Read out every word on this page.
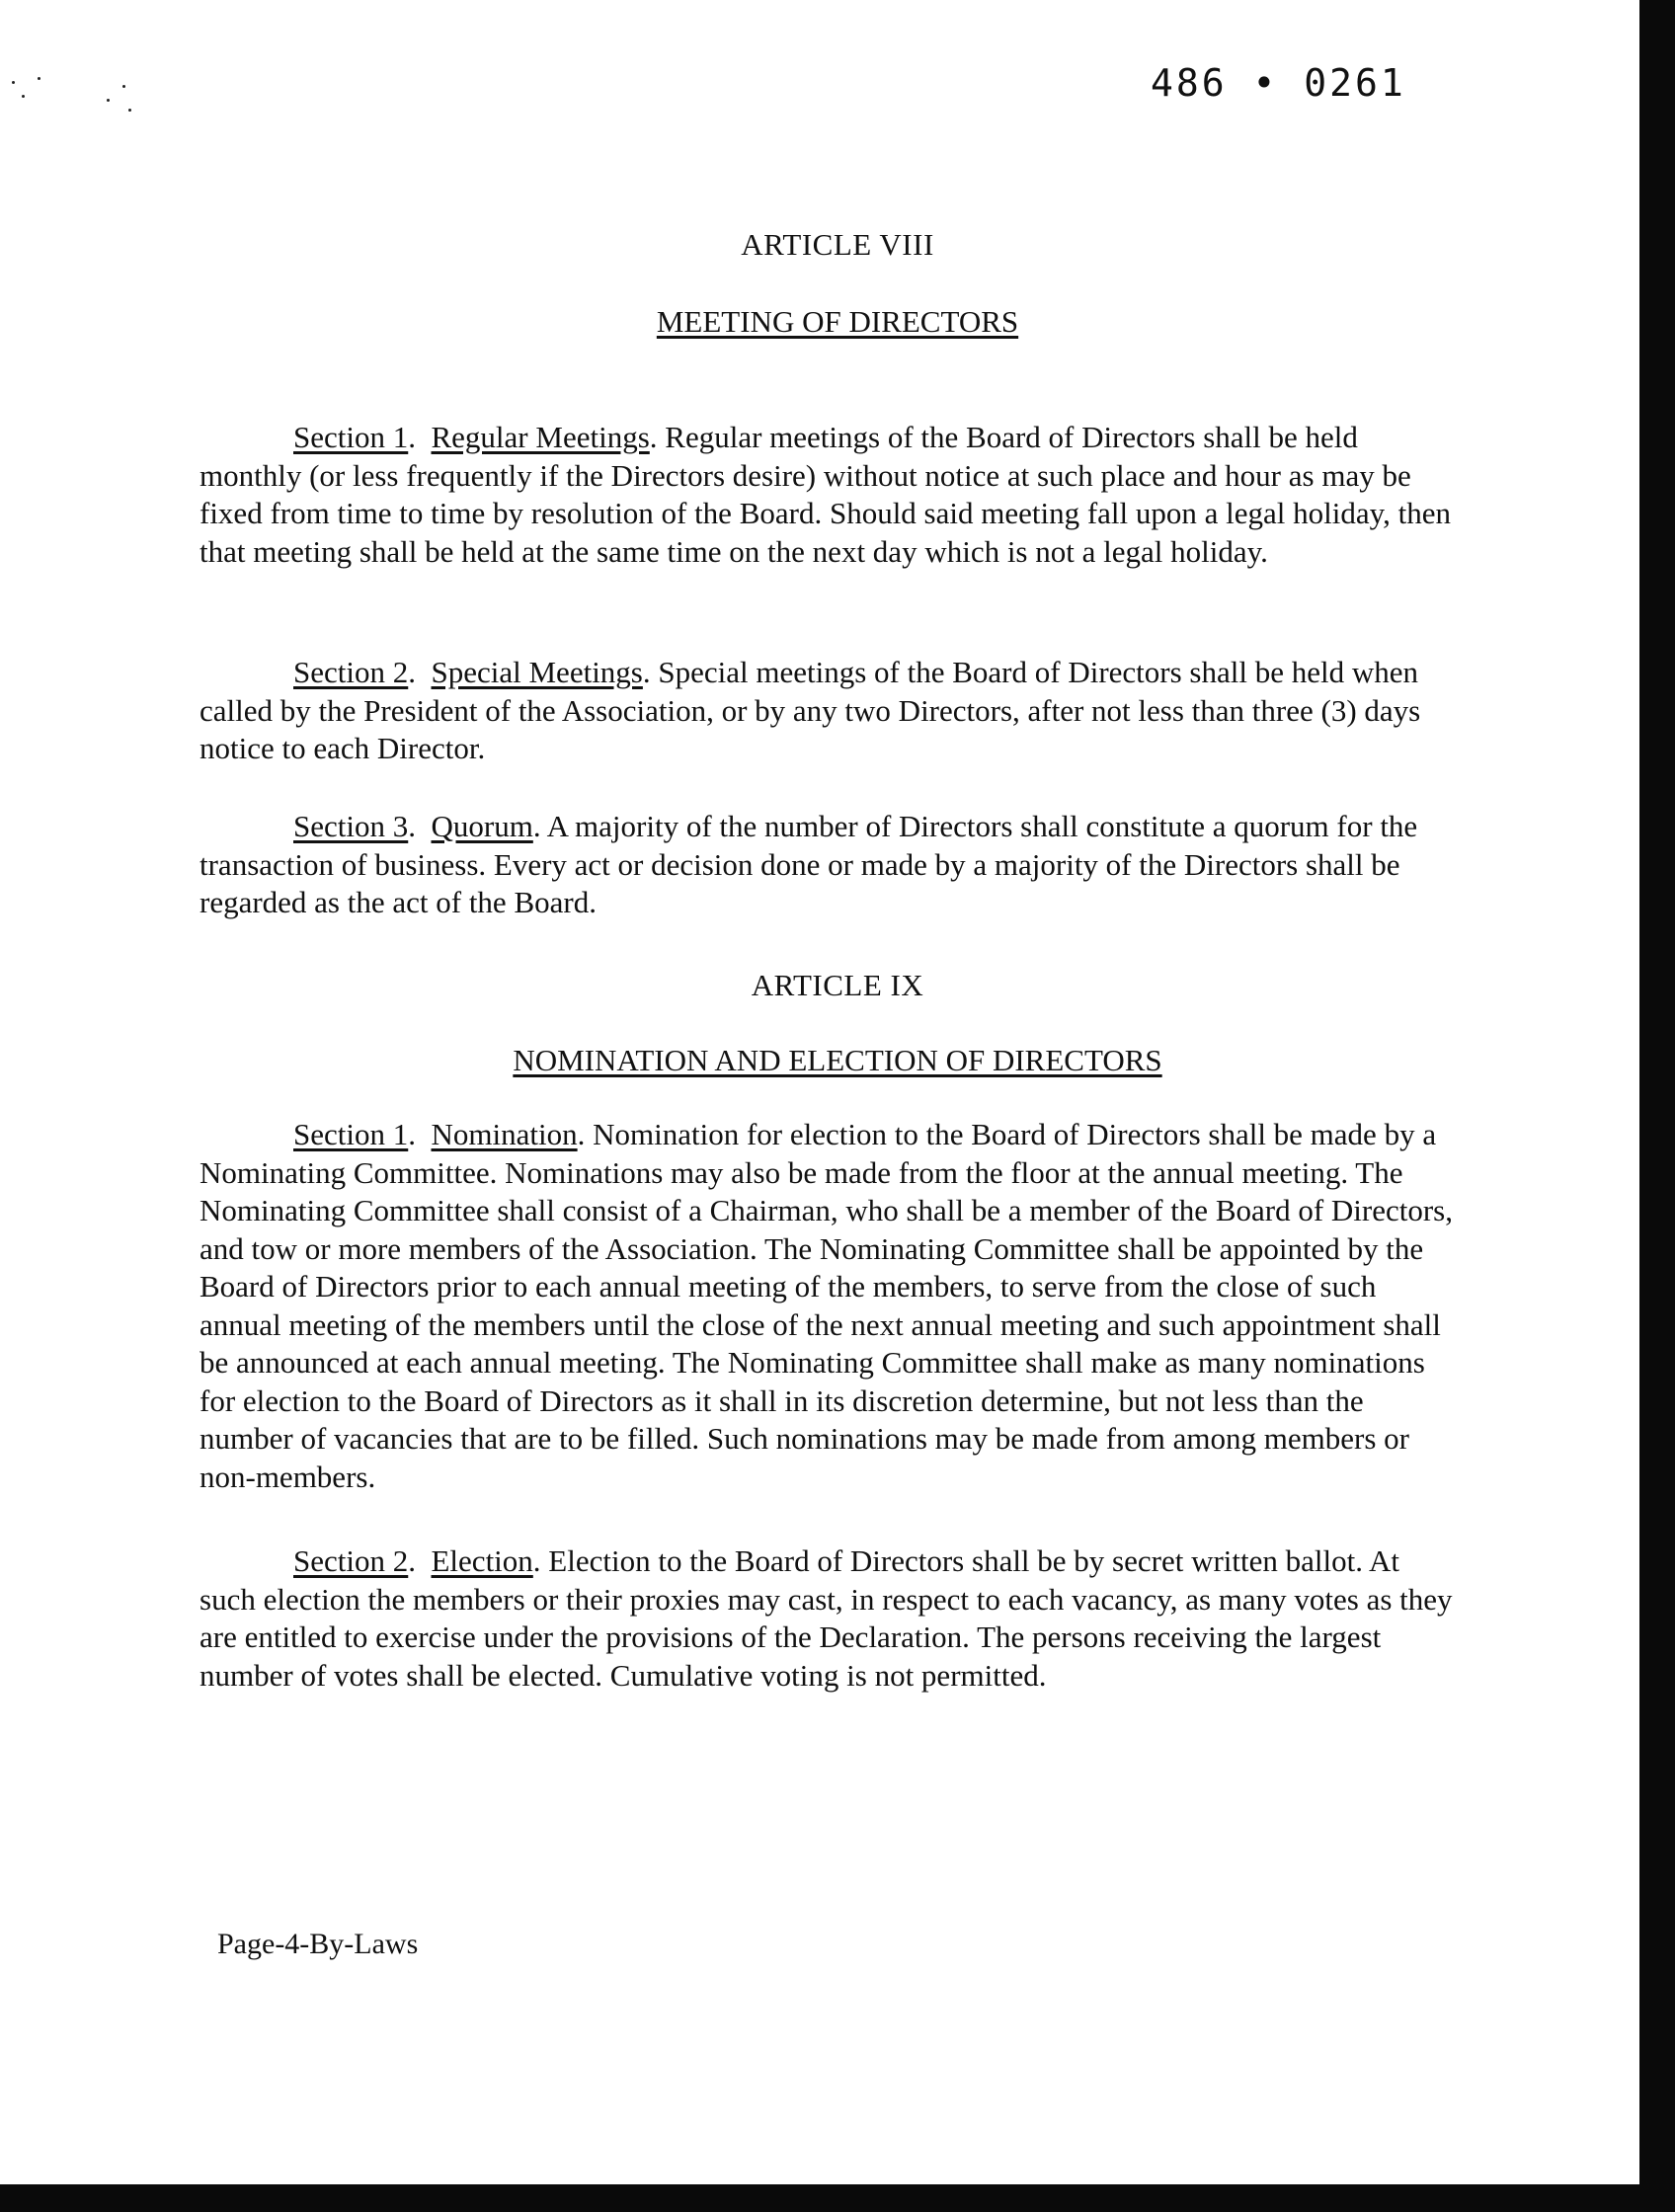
486 • 0261
ARTICLE VIII
MEETING OF DIRECTORS
Section 1.  Regular Meetings. Regular meetings of the Board of Directors shall be held monthly (or less frequently if the Directors desire) without notice at such place and hour as may be fixed from time to time by resolution of the Board. Should said meeting fall upon a legal holiday, then that meeting shall be held at the same time on the next day which is not a legal holiday.
Section 2.  Special Meetings. Special meetings of the Board of Directors shall be held when called by the President of the Association, or by any two Directors, after not less than three (3) days notice to each Director.
Section 3.  Quorum. A majority of the number of Directors shall constitute a quorum for the transaction of business. Every act or decision done or made by a majority of the Directors shall be regarded as the act of the Board.
ARTICLE IX
NOMINATION AND ELECTION OF DIRECTORS
Section 1.  Nomination. Nomination for election to the Board of Directors shall be made by a Nominating Committee. Nominations may also be made from the floor at the annual meeting. The Nominating Committee shall consist of a Chairman, who shall be a member of the Board of Directors, and tow or more members of the Association. The Nominating Committee shall be appointed by the Board of Directors prior to each annual meeting of the members, to serve from the close of such annual meeting of the members until the close of the next annual meeting and such appointment shall be announced at each annual meeting. The Nominating Committee shall make as many nominations for election to the Board of Directors as it shall in its discretion determine, but not less than the number of vacancies that are to be filled. Such nominations may be made from among members or non-members.
Section 2.  Election. Election to the Board of Directors shall be by secret written ballot. At such election the members or their proxies may cast, in respect to each vacancy, as many votes as they are entitled to exercise under the provisions of the Declaration. The persons receiving the largest number of votes shall be elected. Cumulative voting is not permitted.
Page-4-By-Laws
